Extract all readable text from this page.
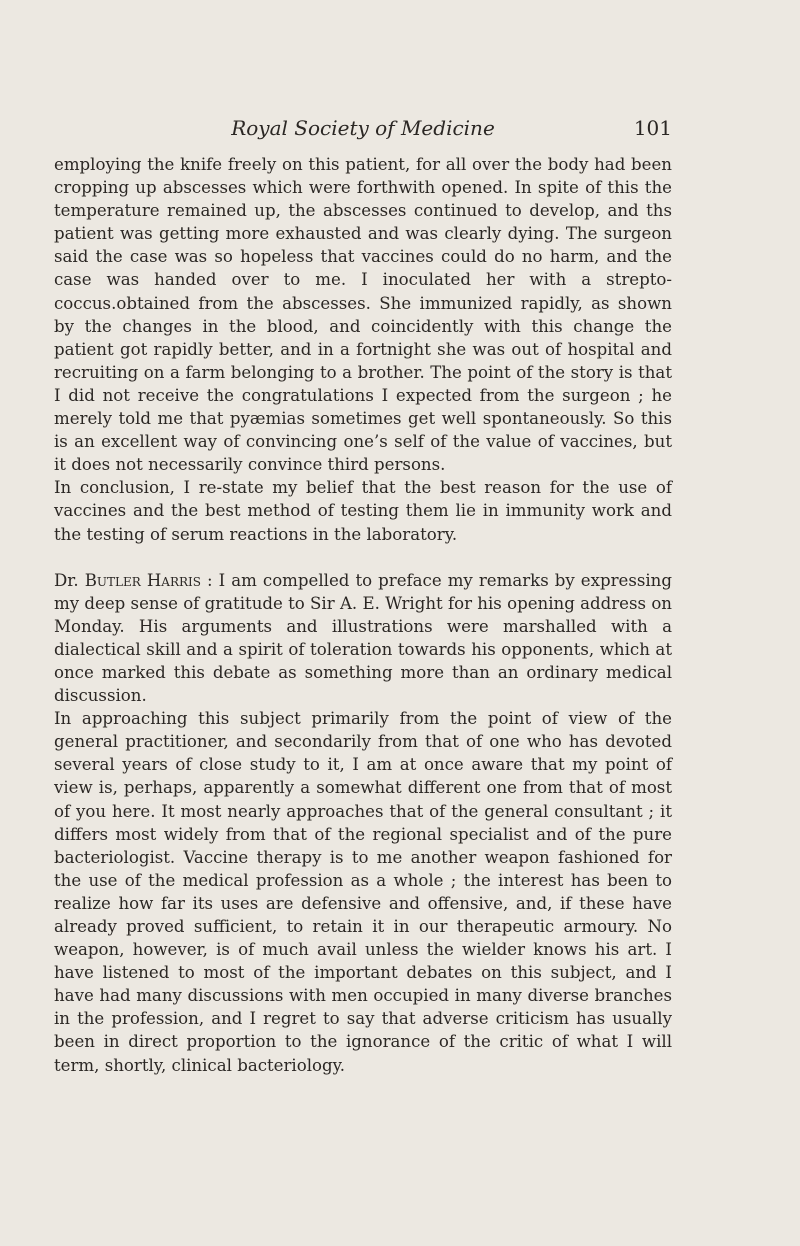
Royal Society of Medicine	101

employing the knife freely on this patient, for all over the body had been cropping up abscesses which were forthwith opened. In spite of this the temperature remained up, the abscesses continued to develop, and ths patient was getting more exhausted and was clearly dying. The surgeon said the case was so hopeless that vaccines could do no harm, and the case was handed over to me. I inoculated her with a strepto-coccus.obtained from the abscesses. She immunized rapidly, as shown by the changes in the blood, and coincidently with this change the patient got rapidly better, and in a fortnight she was out of hospital and recruiting on a farm belonging to a brother. The point of the story is that I did not receive the congratulations I expected from the surgeon ; he merely told me that pyæmias sometimes get well spontaneously. So this is an excellent way of convincing one’s self of the value of vaccines, but it does not necessarily convince third persons.

In conclusion, I re-state my belief that the best reason for the use of vaccines and the best method of testing them lie in immunity work and the testing of serum reactions in the laboratory.

Dr. Butler Harris : I am compelled to preface my remarks by expressing my deep sense of gratitude to Sir A. E. Wright for his opening address on Monday. His arguments and illustrations were marshalled with a dialectical skill and a spirit of toleration towards his opponents, which at once marked this debate as something more than an ordinary medical discussion.

In approaching this subject primarily from the point of view of the general practitioner, and secondarily from that of one who has devoted several years of close study to it, I am at once aware that my point of view is, perhaps, apparently a somewhat different one from that of most of you here. It most nearly approaches that of the general consultant ; it differs most widely from that of the regional specialist and of the pure bacteriologist. Vaccine therapy is to me another weapon fashioned for the use of the medical profession as a whole ; the interest has been to realize how far its uses are defensive and offensive, and, if these have already proved sufficient, to retain it in our therapeutic armoury. No weapon, however, is of much avail unless the wielder knows his art. I have listened to most of the important debates on this subject, and I have had many discussions with men occupied in many diverse branches in the profession, and I regret to say that adverse criticism has usually been in direct proportion to the ignorance of the critic of what I will term, shortly, clinical bacteriology.
